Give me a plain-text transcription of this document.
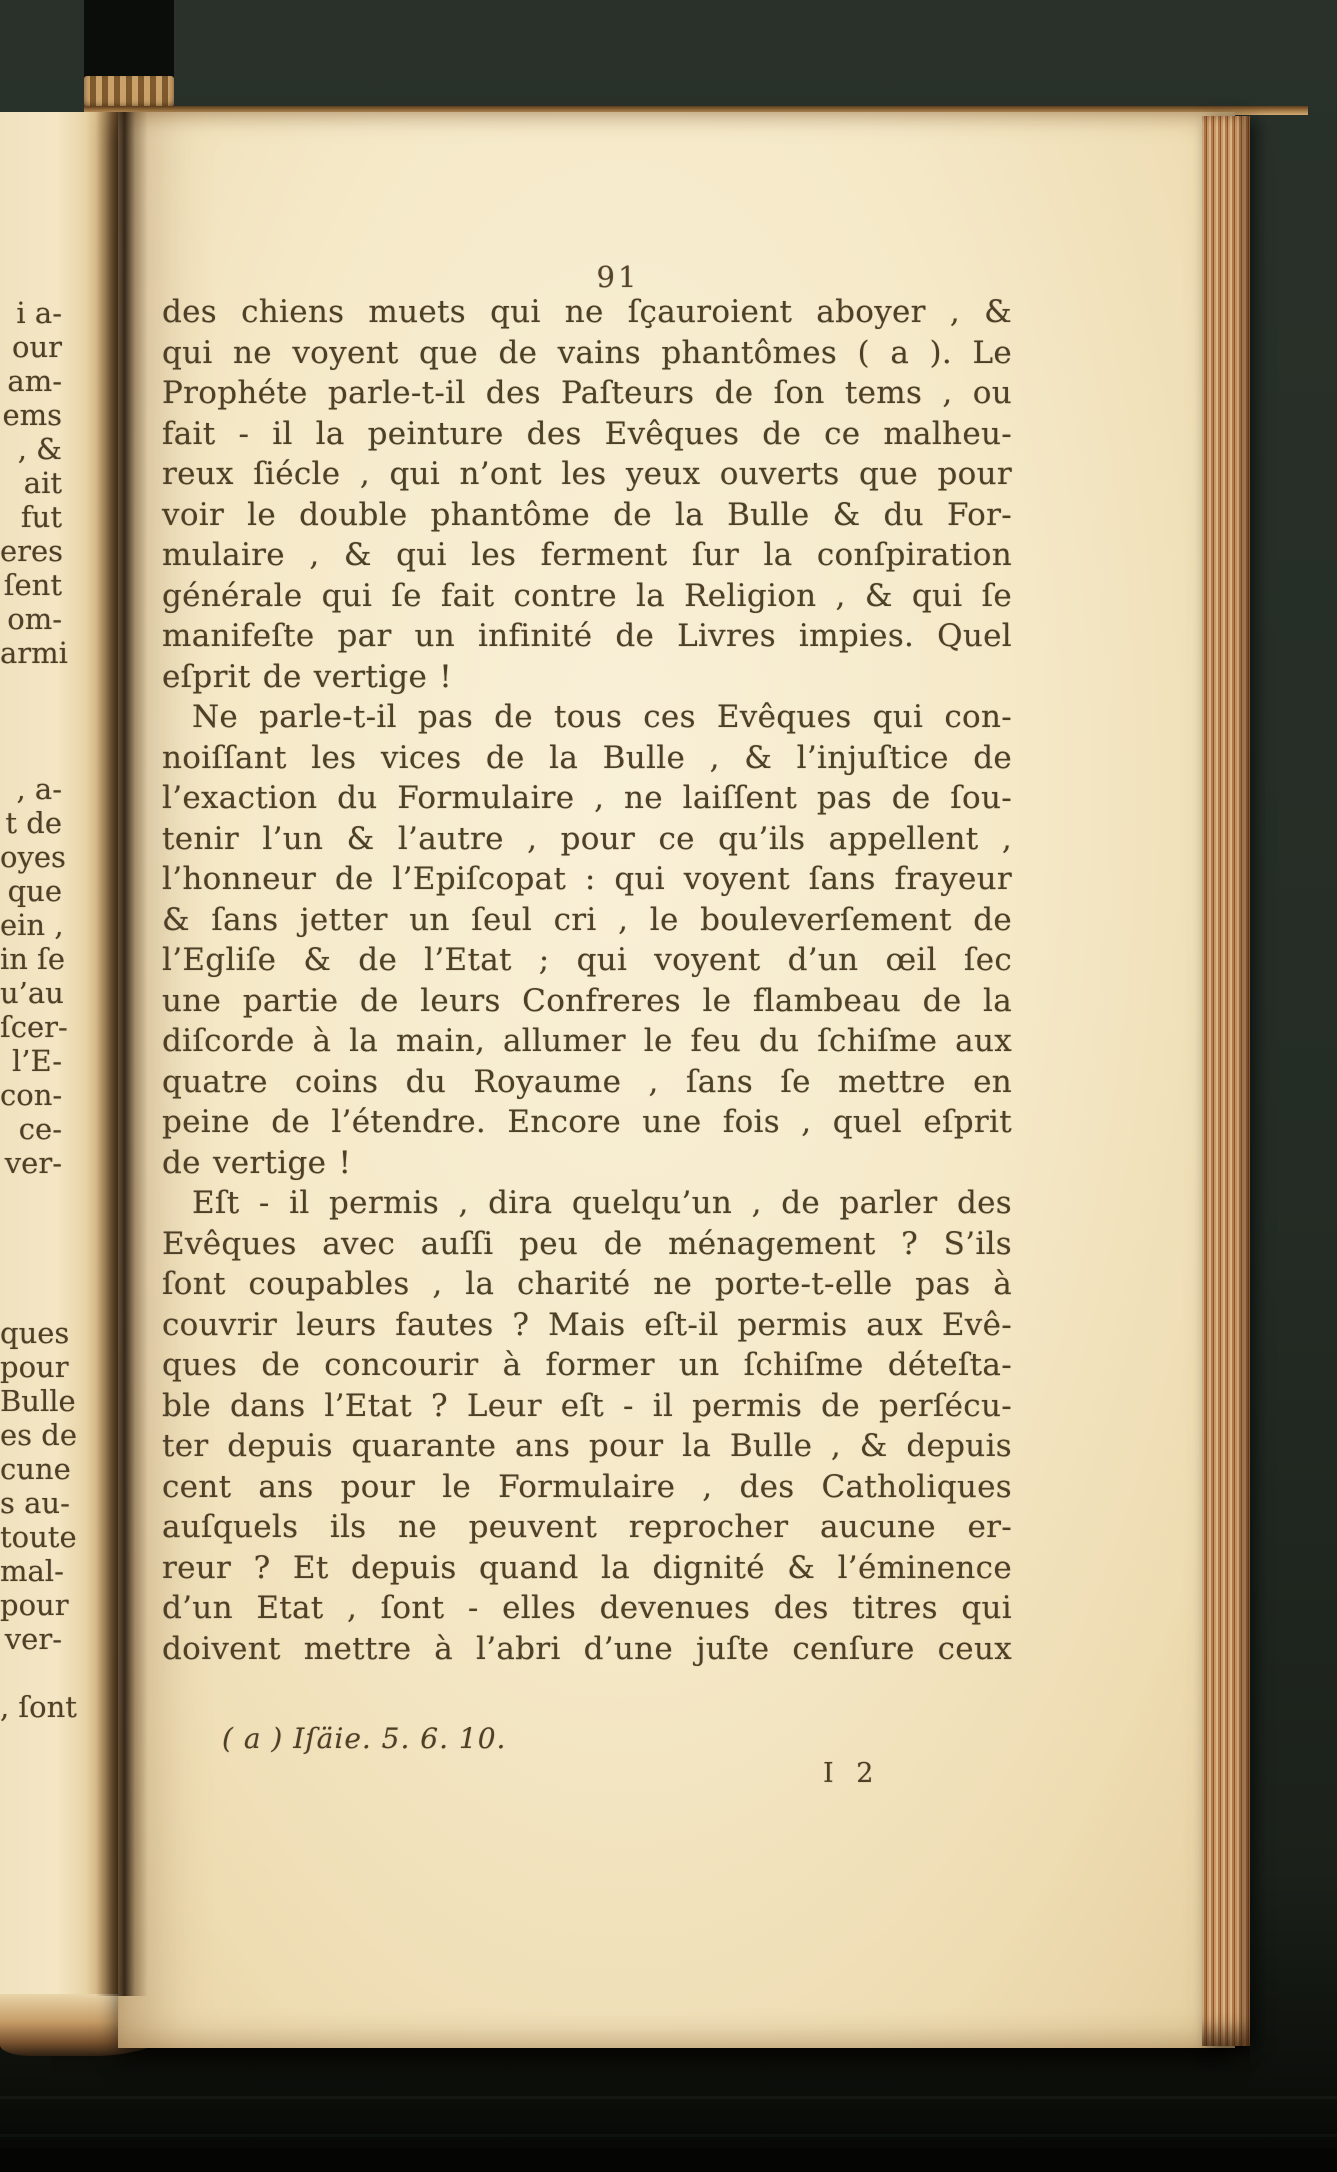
i a-
our
am-
ems
, &
ait
fut
eres
ſent
om-
armi
, a-
t de
oyes
que
ein ,
in ſe
u’au
ſcer-
l’E-
con-
ce-
ver-
ques
pour
Bulle
es de
cune
s au-
toute
mal-
pour
ver-
, ſont
91
des chiens muets qui ne ſçauroient aboyer , &
qui ne voyent que de vains phantômes ( a ). Le
Prophéte parle-t-il des Paſteurs de ſon tems , ou
fait - il la peinture des Evêques de ce malheu-
reux ſiécle , qui n’ont les yeux ouverts que pour
voir le double phantôme de la Bulle & du For-
mulaire , & qui les ferment ſur la conſpiration
générale qui ſe fait contre la Religion , & qui ſe
manifeſte par un infinité de Livres impies. Quel
eſprit de vertige !
Ne parle-t-il pas de tous ces Evêques qui con-
noiſſant les vices de la Bulle , & l’injuſtice de
l’exaction du Formulaire , ne laiſſent pas de ſou-
tenir l’un & l’autre , pour ce qu’ils appellent ,
l’honneur de l’Epiſcopat : qui voyent ſans frayeur
& ſans jetter un ſeul cri , le bouleverſement de
l’Egliſe & de l’Etat ; qui voyent d’un œil ſec
une partie de leurs Confreres le flambeau de la
diſcorde à la main, allumer le feu du ſchiſme aux
quatre coins du Royaume , ſans ſe mettre en
peine de l’étendre. Encore une fois , quel eſprit
de vertige !
Eſt - il permis , dira quelqu’un , de parler des
Evêques avec auſſi peu de ménagement ? S’ils
ſont coupables , la charité ne porte-t-elle pas à
couvrir leurs fautes ? Mais eſt-il permis aux Evê-
ques de concourir à former un ſchiſme déteſta-
ble dans l’Etat ? Leur eſt - il permis de perſécu-
ter depuis quarante ans pour la Bulle , & depuis
cent ans pour le Formulaire , des Catholiques
auſquels ils ne peuvent reprocher aucune er-
reur ? Et depuis quand la dignité & l’éminence
d’un Etat , ſont - elles devenues des titres qui
doivent mettre à l’abri d’une juſte cenſure ceux
( a ) Iſäie. 5. 6. 10.
I 2
